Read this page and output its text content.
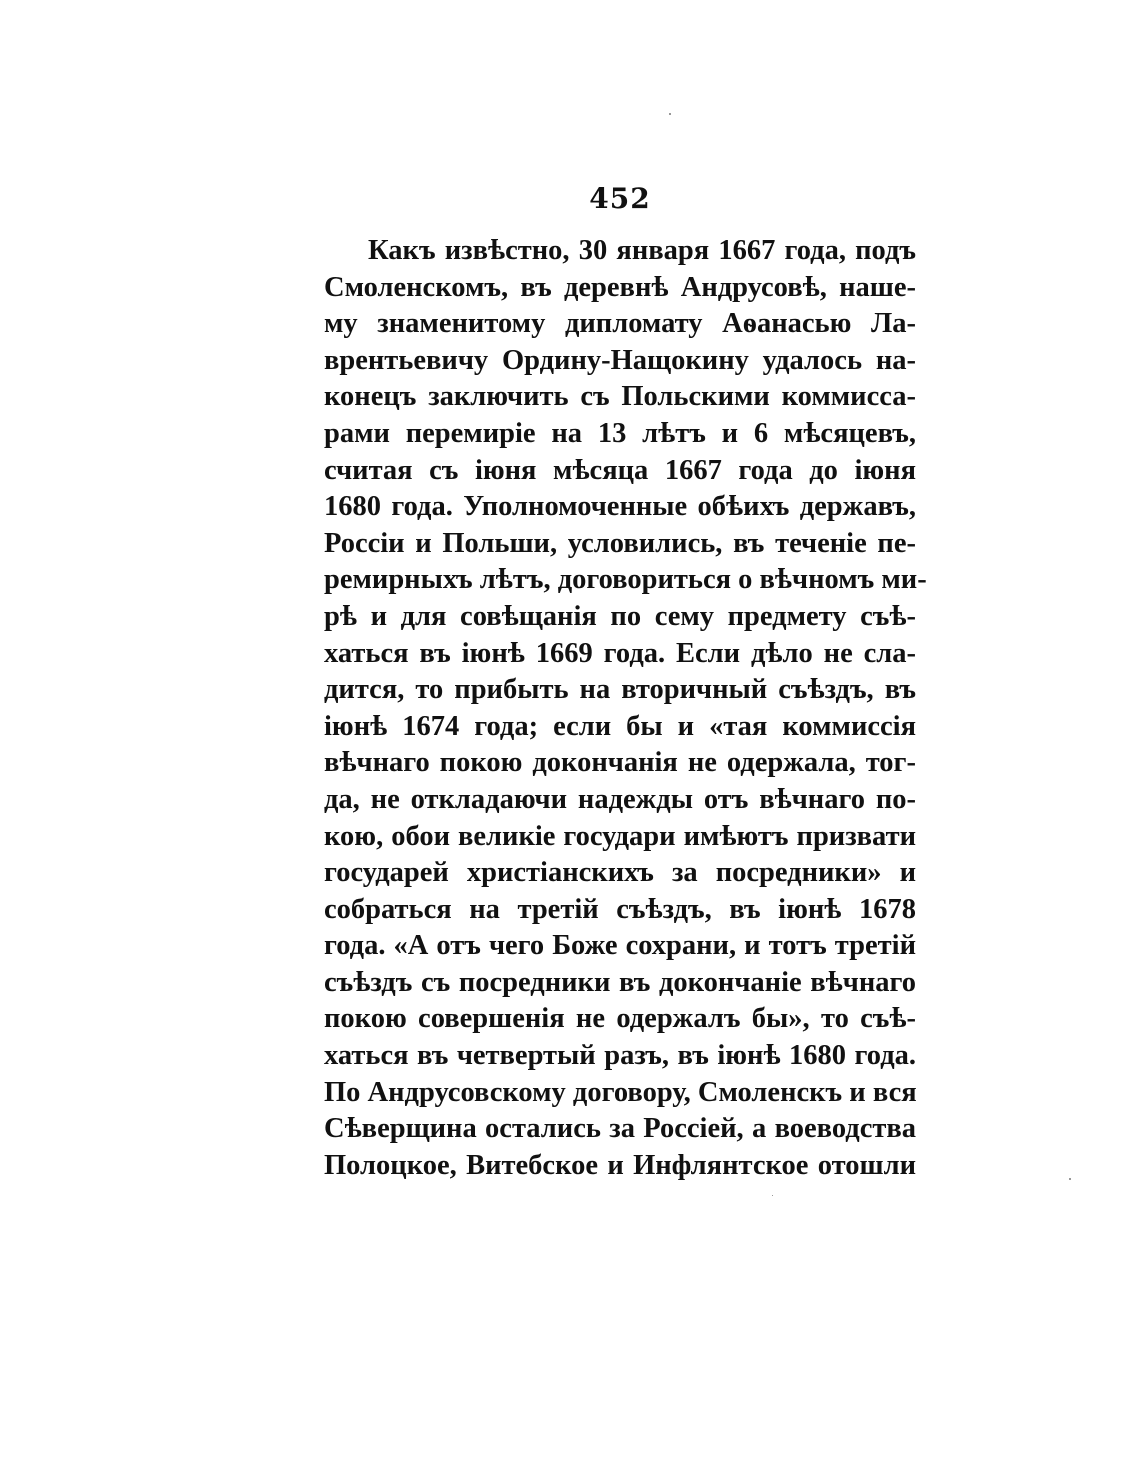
452
Какъ извѣстно, 30 января 1667 года, подъ
Смоленскомъ, въ деревнѣ Андрусовѣ, нашe-
му знаменитому дипломату Аѳанасью Ла-
врентьевичу Ордину-Нащокину удалось на-
конецъ заключить съ Польскими коммисса-
рами перемиріе на 13 лѣтъ и 6 мѣсяцевъ,
считая съ іюня мѣсяца 1667 года до іюня
1680 года. Уполномоченные обѣихъ державъ,
Россіи и Польши, условились, въ теченіе пе-
ремирныхъ лѣтъ, договориться о вѣчномъ ми-
рѣ и для совѣщанія по сему предмету съѣ-
хаться въ іюнѣ 1669 года. Если дѣло не сла-
дится, то прибыть на вторичный съѣздъ, въ
іюнѣ 1674 года; если бы и «тая коммиссія
вѣчнаго покою докончанія не одержала, тог-
да, не откладаючи надежды отъ вѣчнаго по-
кою, обои великіе государи имѣютъ призвати
государей христіанскихъ за посредники» и
собраться на третій съѣздъ, въ іюнѣ 1678
года. «А отъ чего Боже сохрани, и тотъ третій
съѣздъ съ посредники въ докончаніе вѣчнаго
покою совершенія не одержалъ бы», то съѣ-
хаться въ четвертый разъ, въ іюнѣ 1680 года.
По Андрусовскому договору, Смоленскъ и вся
Сѣверщина остались за Россіей, а воеводства
Полоцкое, Витебское и Инфлянтское отошли
